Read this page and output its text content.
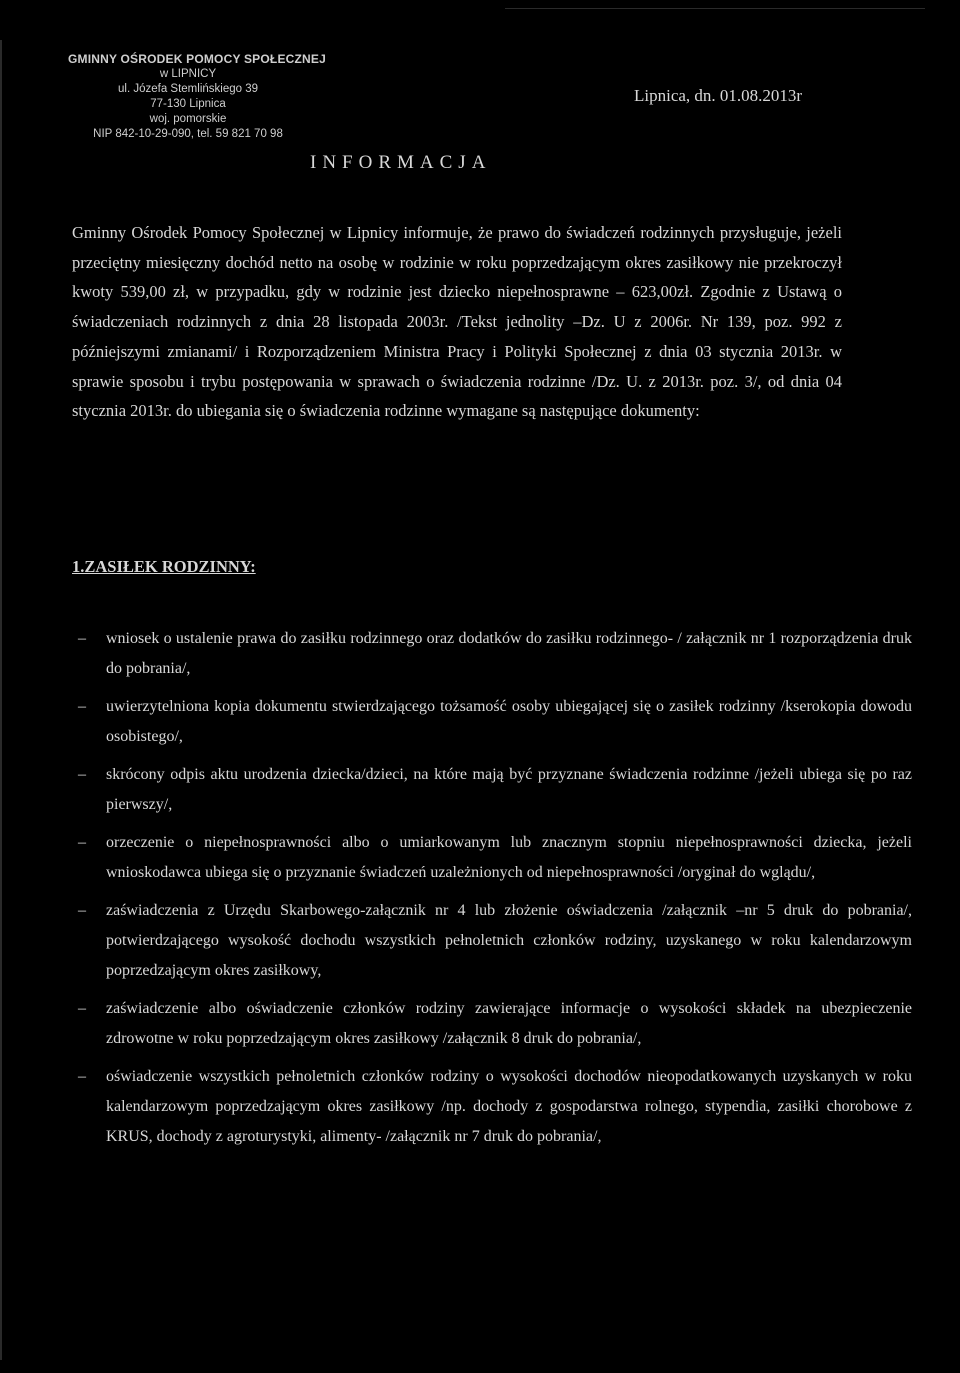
GMINNY OŚRODEK POMOCY SPOŁECZNEJ
w LIPNICY
ul. Józefa Stemlińskiego 39
77-130 Lipnica
woj. pomorskie
NIP 842-10-29-090, tel. 59 821 70 98
Lipnica, dn. 01.08.2013r
INFORMACJA

Gminny Ośrodek Pomocy Społecznej w Lipnicy informuje, że prawo do świadczeń rodzinnych przysługuje, jeżeli przeciętny miesięczny dochód netto na osobę w rodzinie w roku poprzedzającym okres zasiłkowy nie przekroczył kwoty 539,00 zł, w przypadku, gdy w rodzinie jest dziecko niepełnosprawne – 623,00zł. Zgodnie z Ustawą o świadczeniach rodzinnych z dnia 28 listopada 2003r. /Tekst jednolity –Dz. U z 2006r. Nr 139, poz. 992 z późniejszymi zmianami/ i Rozporządzeniem Ministra Pracy i Polityki Społecznej z dnia 03 stycznia 2013r. w sprawie sposobu i trybu postępowania w sprawach o świadczenia rodzinne /Dz. U. z 2013r. poz. 3/, od dnia 04 stycznia 2013r. do ubiegania się o świadczenia rodzinne wymagane są następujące dokumenty:

1.ZASIŁEK RODZINNY:
– wniosek o ustalenie prawa do zasiłku rodzinnego oraz dodatków do zasiłku rodzinnego- / załącznik nr 1 rozporządzenia druk do pobrania/,
– uwierzytelniona kopia dokumentu stwierdzającego tożsamość osoby ubiegającej się o zasiłek rodzinny /kserokopia dowodu osobistego/,
– skrócony odpis aktu urodzenia dziecka/dzieci, na które mają być przyznane świadczenia rodzinne /jeżeli ubiega się po raz pierwszy/,
– orzeczenie o niepełnosprawności albo o umiarkowanym lub znacznym stopniu niepełnosprawności dziecka, jeżeli wnioskodawca ubiega się o przyznanie świadczeń uzależnionych od niepełnosprawności /oryginał do wglądu/,
– zaświadczenia z Urzędu Skarbowego-załącznik nr 4 lub złożenie oświadczenia /załącznik –nr 5 druk do pobrania/, potwierdzającego wysokość dochodu wszystkich pełnoletnich członków rodziny, uzyskanego w roku kalendarzowym poprzedzającym okres zasiłkowy,
– zaświadczenie albo oświadczenie członków rodziny zawierające informacje o wysokości składek na ubezpieczenie zdrowotne w roku poprzedzającym okres zasiłkowy /załącznik 8 druk do pobrania/,
– oświadczenie wszystkich pełnoletnich członków rodziny o wysokości dochodów nieopodatkowanych uzyskanych w roku kalendarzowym poprzedzającym okres zasiłkowy /np. dochody z gospodarstwa rolnego, stypendia, zasiłki chorobowe z KRUS, dochody z agroturystyki, alimenty- /załącznik nr 7 druk do pobrania/,
